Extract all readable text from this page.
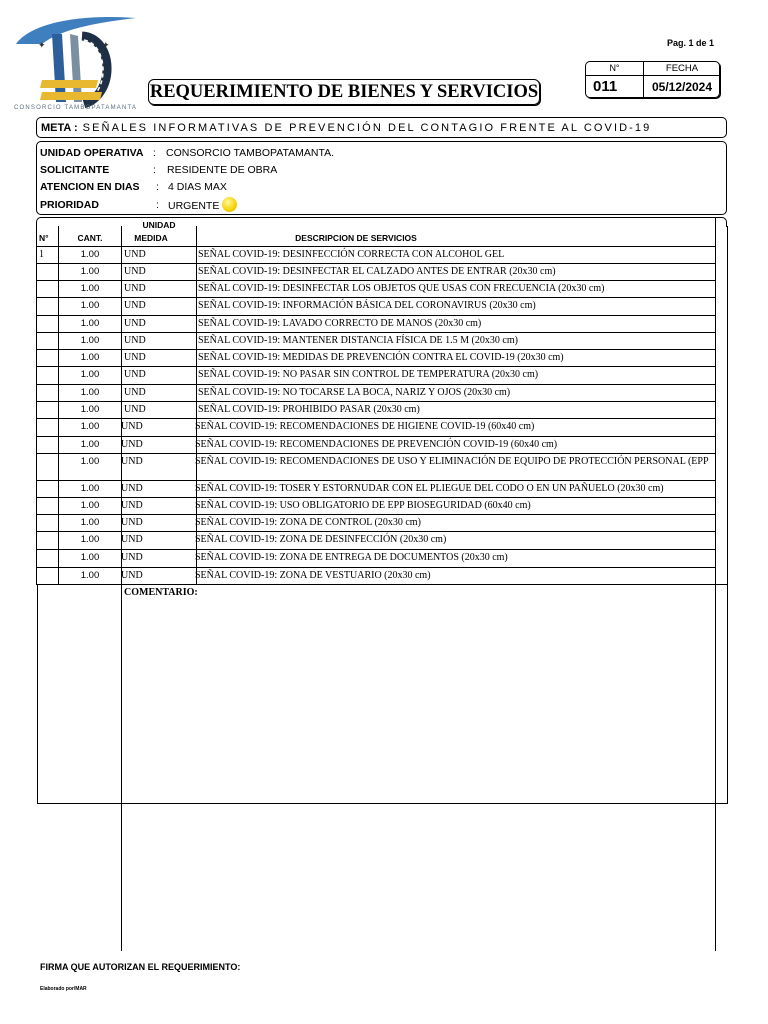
✦	✦
CONSORCIO TAMBOPATAMANTA
Pag. 1 de 1
REQUERIMIENTO DE BIENES Y SERVICIOS
N°	FECHA
011	05/12/2024
META : SEÑALES INFORMATIVAS DE PREVENCIÓN DEL CONTAGIO FRENTE AL COVID-19
UNIDAD OPERATIVA : CONSORCIO TAMBOPATAMANTA.
SOLICITANTE	: RESIDENTE DE OBRA
ATENCION EN DIAS : 4 DIAS MAX
PRIORIDAD	: URGENTE
N°	CANT.
UNIDAD
MEDIDA	DESCRIPCION DE SERVICIOS
1	1.00	UND	SEÑAL COVID-19: DESINFECCIÓN CORRECTA CON ALCOHOL GEL
1.00	UND	SEÑAL COVID-19: DESINFECTAR EL CALZADO ANTES DE ENTRAR (20x30 cm)
1.00	UND	SEÑAL COVID-19: DESINFECTAR LOS OBJETOS QUE USAS CON FRECUENCIA (20x30 cm)
1.00	UND	SEÑAL COVID-19: INFORMACIÓN BÁSICA DEL CORONAVIRUS (20x30 cm)
1.00	UND	SEÑAL COVID-19: LAVADO CORRECTO DE MANOS (20x30 cm)
1.00	UND	SEÑAL COVID-19: MANTENER DISTANCIA FÍSICA DE 1.5 M (20x30 cm)
1.00	UND	SEÑAL COVID-19: MEDIDAS DE PREVENCIÓN CONTRA EL COVID-19 (20x30 cm)
1.00	UND	SEÑAL COVID-19: NO PASAR SIN CONTROL DE TEMPERATURA (20x30 cm)
1.00	UND	SEÑAL COVID-19: NO TOCARSE LA BOCA, NARIZ Y OJOS (20x30 cm)
1.00	UND	SEÑAL COVID-19: PROHIBIDO PASAR (20x30 cm)
1.00	UND	SEÑAL COVID-19: RECOMENDACIONES DE HIGIENE COVID-19 (60x40 cm)
1.00	UND	SEÑAL COVID-19: RECOMENDACIONES DE PREVENCIÓN COVID-19 (60x40 cm)
1.00	UND	SEÑAL COVID-19: RECOMENDACIONES DE USO Y ELIMINACIÓN DE EQUIPO DE PROTECCIÓN PERSONAL (EPP
1.00	UND	SEÑAL COVID-19: TOSER Y ESTORNUDAR CON EL PLIEGUE DEL CODO O EN UN PAÑUELO (20x30 cm)
1.00	UND	SEÑAL COVID-19: USO OBLIGATORIO DE EPP BIOSEGURIDAD (60x40 cm)
1.00	UND	SEÑAL COVID-19: ZONA DE CONTROL (20x30 cm)
1.00	UND	SEÑAL COVID-19: ZONA DE DESINFECCIÓN (20x30 cm)
1.00	UND	SEÑAL COVID-19: ZONA DE ENTREGA DE DOCUMENTOS (20x30 cm)
1.00	UND	SEÑAL COVID-19: ZONA DE VESTUARIO (20x30 cm)
COMENTARIO:
FIRMA QUE AUTORIZAN EL REQUERIMIENTO:
Elaborado por/MAR
